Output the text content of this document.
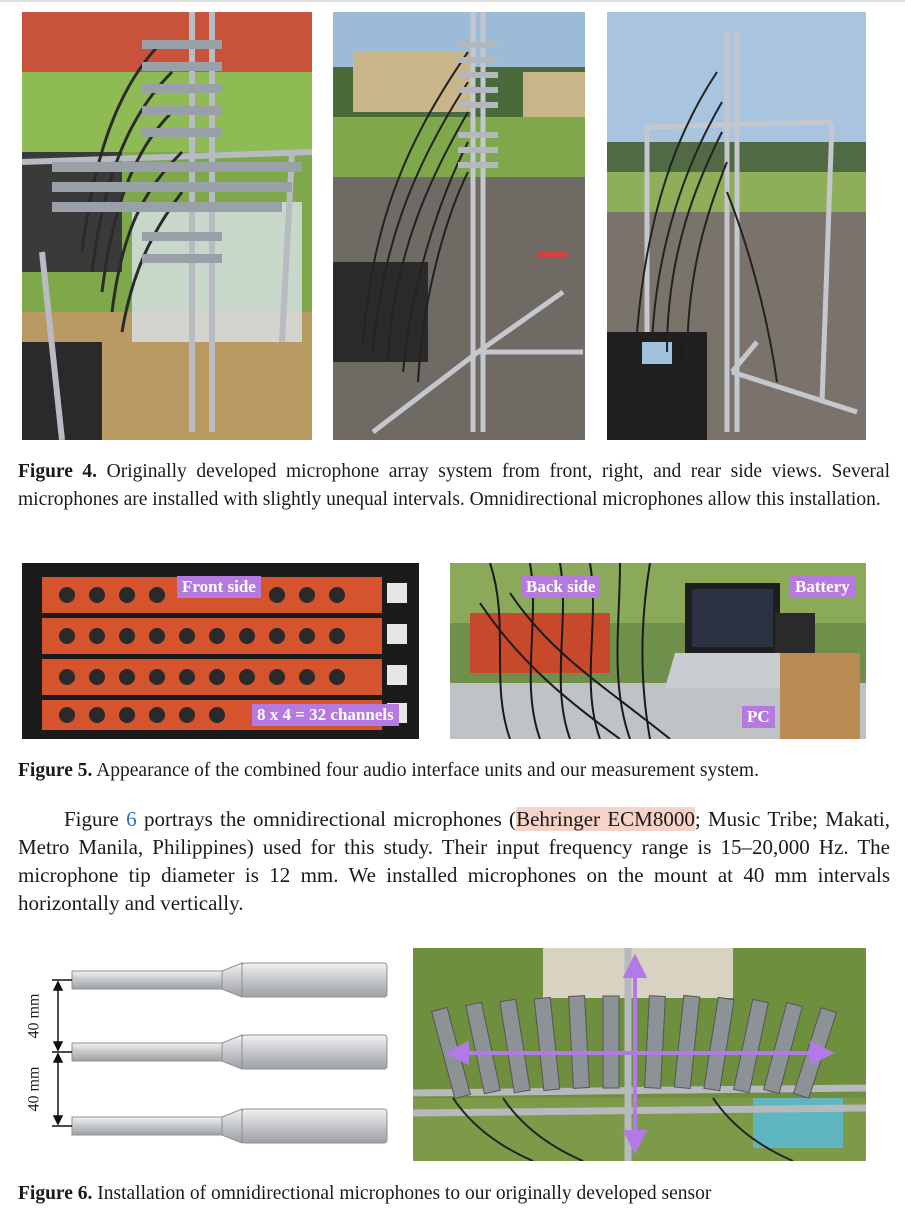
Figure 4. Originally developed microphone array system from front, right, and rear side views. Several microphones are installed with slightly unequal intervals. Omnidirectional microphones allow this installation.

Front side
8 x 4 = 32 channels
Back side	Battery
PC

Figure 5. Appearance of the combined four audio interface units and our measurement system.

Figure 6 portrays the omnidirectional microphones (Behringer ECM8000; Music Tribe; Makati, Metro Manila, Philippines) used for this study. Their input frequency range is 15–20,000 Hz. The microphone tip diameter is 12 mm. We installed microphones on the mount at 40 mm intervals horizontally and vertically.

40 mm
40 mm

Figure 6. Installation of omnidirectional microphones to our originally developed sensor
